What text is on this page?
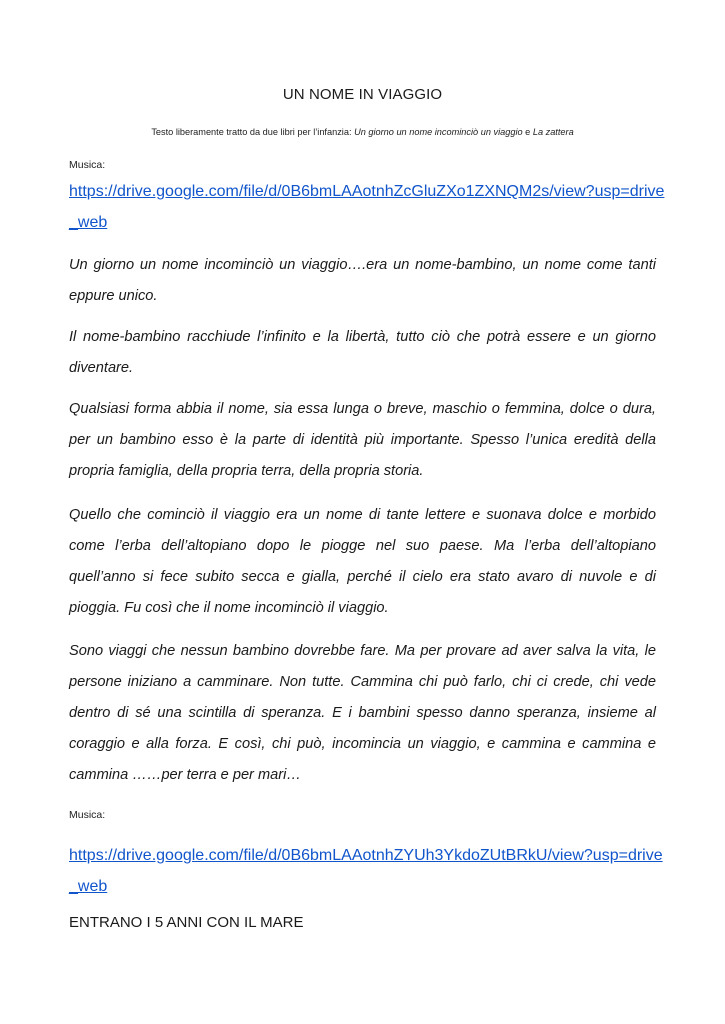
UN NOME IN VIAGGIO
Testo liberamente tratto da due libri per l’infanzia: Un giorno un nome incominciò un viaggio e La zattera
Musica:
https://drive.google.com/file/d/0B6bmLAAotnhZcGluZXo1ZXNQM2s/view?usp=drive_web

Un giorno un nome incominciò un viaggio….era un nome-bambino, un nome come tanti eppure unico.

Il nome-bambino racchiude l’infinito e la libertà, tutto ciò che potrà essere e un giorno diventare.

Qualsiasi forma abbia il nome, sia essa lunga o breve, maschio o femmina, dolce o dura, per un bambino esso è la parte di identità più importante. Spesso l’unica eredità della propria famiglia, della propria terra, della propria storia.

Quello che cominciò il viaggio era un nome di tante lettere e suonava dolce e morbido come l’erba dell’altopiano dopo le piogge nel suo paese. Ma l’erba dell’altopiano quell’anno si fece subito secca e gialla, perché il cielo era stato avaro di nuvole e di pioggia. Fu così che il nome incominciò il viaggio.

Sono viaggi che nessun bambino dovrebbe fare. Ma per provare ad aver salva la vita, le persone iniziano a camminare. Non tutte. Cammina chi può farlo, chi ci crede, chi vede dentro di sé una scintilla di speranza. E i bambini spesso danno speranza, insieme al coraggio e alla forza. E così, chi può, incomincia un viaggio, e cammina e cammina e cammina ……per terra e per mari…

Musica:
https://drive.google.com/file/d/0B6bmLAAotnhZYUh3YkdoZUtBRkU/view?usp=drive_web
ENTRANO I 5 ANNI CON IL MARE
